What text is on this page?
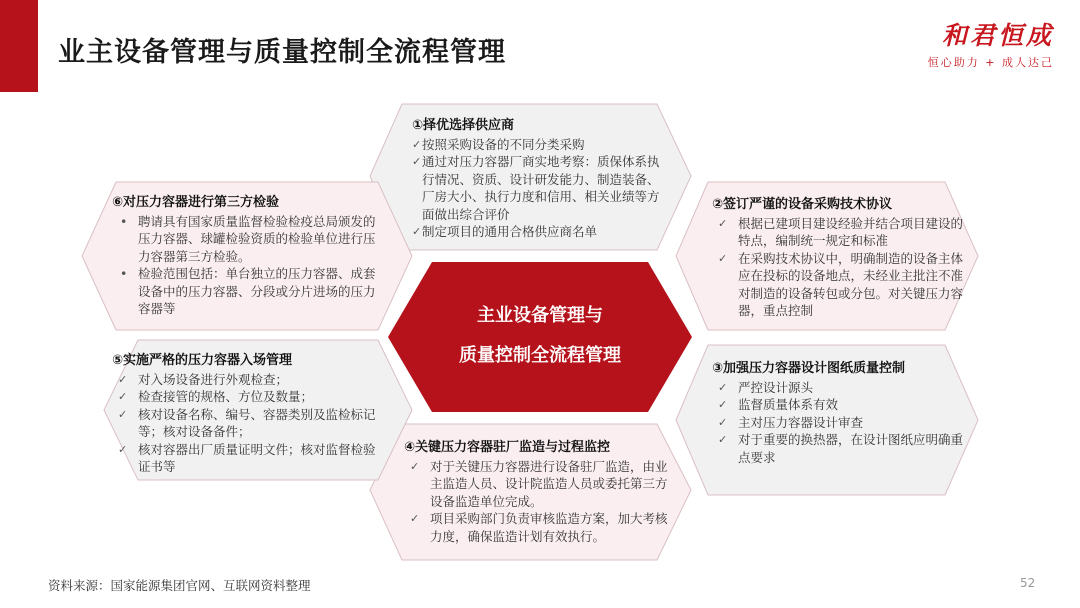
业主设备管理与质量控制全流程管理
和君恒成
恒心助力 + 成人达己
主业设备管理与
质量控制全流程管理
①择优选择供应商
✓ 按照采购设备的不同分类采购
✓ 通过对压力容器厂商实地考察：质保体系执行情况、资质、设计研发能力、制造装备、厂房大小、执行力度和信用、相关业绩等方面做出综合评价
✓ 制定项目的通用合格供应商名单
②签订严谨的设备采购技术协议
✓ 根据已建项目建设经验并结合项目建设的特点，编制统一规定和标准
✓ 在采购技术协议中，明确制造的设备主体应在投标的设备地点，未经业主批注不准对制造的设备转包或分包。对关键压力容器，重点控制
③加强压力容器设计图纸质量控制
✓ 严控设计源头
✓ 监督质量体系有效
✓ 主对压力容器设计审查
✓ 对于重要的换热器，在设计图纸应明确重点要求
④关键压力容器驻厂监造与过程监控
✓ 对于关键压力容器进行设备驻厂监造，由业主监造人员、设计院监造人员或委托第三方设备监造单位完成。
✓ 项目采购部门负责审核监造方案，加大考核力度，确保监造计划有效执行。
⑤实施严格的压力容器入场管理
✓ 对入场设备进行外观检查；
✓ 检查接管的规格、方位及数量；
✓ 核对设备名称、编号、容器类别及监检标记等；核对设备备件；
✓ 核对容器出厂质量证明文件；核对监督检验证书等
⑥对压力容器进行第三方检验
• 聘请具有国家质量监督检验检疫总局颁发的压力容器、球罐检验资质的检验单位进行压力容器第三方检验。
• 检验范围包括：单台独立的压力容器、成套设备中的压力容器、分段或分片进场的压力容器等
资料来源：国家能源集团官网、互联网资料整理	52
